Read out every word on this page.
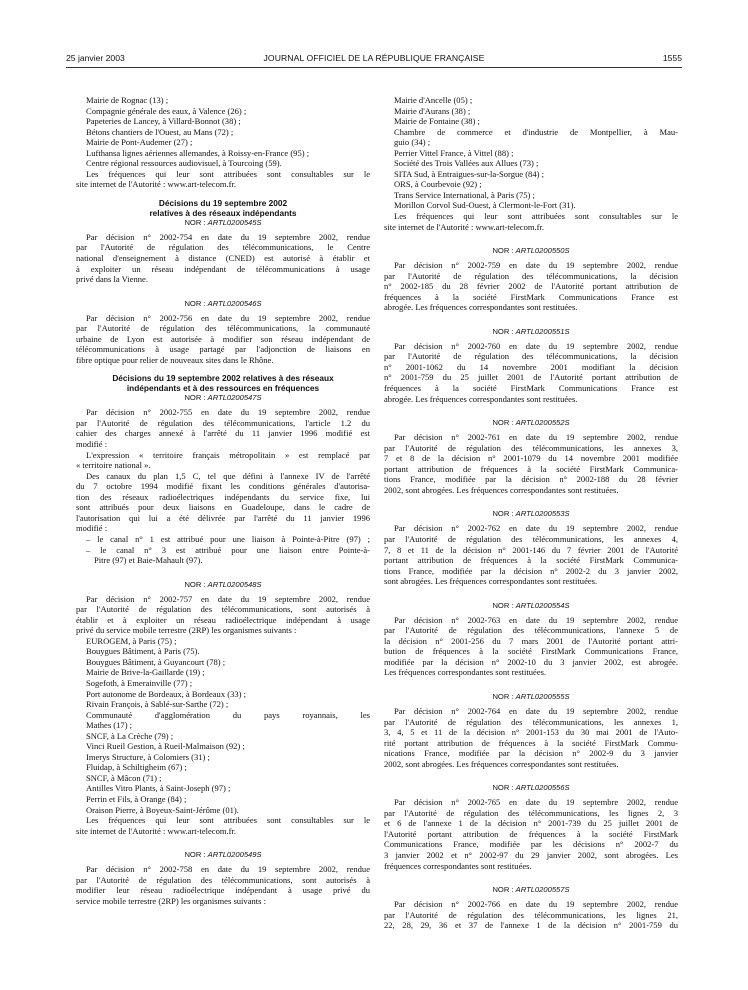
25 janvier 2003	JOURNAL OFFICIEL DE LA RÉPUBLIQUE FRANÇAISE	1555
Mairie de Rognac (13) ;
Compagnie générale des eaux, à Valence (26) ;
Papeteries de Lancey, à Villard-Bonnot (38) ;
Bétons chantiers de l'Ouest, au Mans (72) ;
Mairie de Pont-Audemer (27) ;
Lufthansa lignes aériennes allemandes, à Roissy-en-France (95) ;
Centre régional ressources audiovisuel, à Tourcoing (59).
Les fréquences qui leur sont attribuées sont consultables sur le
site internet de l'Autorité : www.art-telecom.fr.
Décisions du 19 septembre 2002
relatives à des réseaux indépendants
NOR : ARTL0200545S
Par décision n° 2002-754 en date du 19 septembre 2002, rendue
par l'Autorité de régulation des télécommunications, le Centre
national d'enseignement à distance (CNED) est autorisé à établir et
à exploiter un réseau indépendant de télécommunications à usage
privé dans la Vienne.
NOR : ARTL0200546S
Par décision n° 2002-756 en date du 19 septembre 2002, rendue
par l'Autorité de régulation des télécommunications, la communauté
urbaine de Lyon est autorisée à modifier son réseau indépendant de
télécommunications à usage partagé par l'adjonction de liaisons en
fibre optique pour relier de nouveaux sites dans le Rhône.
Décisions du 19 septembre 2002 relatives à des réseaux
indépendants et à des ressources en fréquences
NOR : ARTL0200547S
Par décision n° 2002-755 en date du 19 septembre 2002, rendue
par l'Autorité de régulation des télécommunications, l'article 1.2 du
cahier des charges annexé à l'arrêté du 11 janvier 1996 modifié est
modifié :
L'expression « territoire français métropolitain » est remplacé par
« territoire national ».
Des canaux du plan 1,5 C, tel que défini à l'annexe IV de l'arrêté
du 7 octobre 1994 modifié fixant les conditions générales d'autorisa-
tion des réseaux radioélectriques indépendants du service fixe, lui
sont attribués pour deux liaisons en Guadeloupe, dans le cadre de
l'autorisation qui lui a été délivrée par l'arrêté du 11 janvier 1996
modifié :
– le canal n° 1 est attribué pour une liaison à Pointe-à-Pitre (97) ;
– le canal n° 3 est attribué pour une liaison entre Pointe-à-
Pitre (97) et Baie-Mahault (97).
NOR : ARTL0200548S
Par décision n° 2002-757 en date du 19 septembre 2002, rendue
par l'Autorité de régulation des télécommunications, sont autorisés à
établir et à exploiter un réseau radioélectrique indépendant à usage
privé du service mobile terrestre (2RP) les organismes suivants :
EUROGEM, à Paris (75) ;
Bouygues Bâtiment, à Paris (75).
Bouygues Bâtiment, à Guyancourt (78) ;
Mairie de Brive-la-Gaillarde (19) ;
Sogefoth, à Emerainville (77) ;
Port autonome de Bordeaux, à Bordeaux (33) ;
Rivain François, à Sablé-sur-Sarthe (72) ;
Communauté d'agglomération du pays royannais, les
Mathes (17) ;
SNCF, à La Crèche (79) ;
Vinci Rueil Gestion, à Rueil-Malmaison (92) ;
Imerys Structure, à Colomiers (31) ;
Fluidap, à Schiltigheim (67) ;
SNCF, à Mâcon (71) ;
Antilles Vitro Plants, à Saint-Joseph (97) ;
Perrin et Fils, à Orange (84) ;
Oraison Pierre, à Boyeux-Saint-Jérôme (01).
Les fréquences qui leur sont attribuées sont consultables sur le
site internet de l'Autorité : www.art-telecom.fr.
NOR : ARTL0200549S
Par décision n° 2002-758 en date du 19 septembre 2002, rendue
par l'Autorité de régulation des télécommunications, sont autorisés à
modifier leur réseau radioélectrique indépendant à usage privé du
service mobile terrestre (2RP) les organismes suivants :
Mairie d'Ancelle (05) ;
Mairie d'Aurans (38) ;
Mairie de Fontaine (38) ;
Chambre de commerce et d'industrie de Montpellier, à Mau-
guio (34) ;
Perrier Vittel France, à Vittel (88) ;
Société des Trois Vallées aux Allues (73) ;
SITA Sud, à Entraigues-sur-la-Sorgue (84) ;
ORS, à Courbevoie (92) ;
Trans Service International, à Paris (75) ;
Morillon Corvol Sud-Ouest, à Clermont-le-Fort (31).
Les fréquences qui leur sont attribuées sont consultables sur le
site internet de l'Autorité : www.art-telecom.fr.
NOR : ARTL0200550S
Par décision n° 2002-759 en date du 19 septembre 2002, rendue
par l'Autorité de régulation des télécommunications, la décision
n° 2002-185 du 28 février 2002 de l'Autorité portant attribution de
fréquences à la société FirstMark Communications France est
abrogée. Les fréquences correspondantes sont restituées.
NOR : ARTL0200551S
Par décision n° 2002-760 en date du 19 septembre 2002, rendue
par l'Autorité de régulation des télécommunications, la décision
n° 2001-1062 du 14 novembre 2001 modifiant la décision
n° 2001-759 du 25 juillet 2001 de l'Autorité portant attribution de
fréquences à la société FirstMark Communications France est
abrogée. Les fréquences correspondantes sont restituées.
NOR : ARTL0200552S
Par décision n° 2002-761 en date du 19 septembre 2002, rendue
par l'Autorité de régulation des télécommunications, les annexes 3,
7 et 8 de la décision n° 2001-1079 du 14 novembre 2001 modifiée
portant attribution de fréquences à la société FirstMark Communica-
tions France, modifiée par la décision n° 2002-188 du 28 février
2002, sont abrogées. Les fréquences correspondantes sont restituées.
NOR : ARTL0200553S
Par décision n° 2002-762 en date du 19 septembre 2002, rendue
par l'Autorité de régulation des télécommunications, les annexes 4,
7, 8 et 11 de la décision n° 2001-146 du 7 février 2001 de l'Autorité
portant attribution de fréquences à la société FirstMark Communica-
tions France, modifiée par la décision n° 2002-2 du 3 janvier 2002,
sont abrogées. Les fréquences correspondantes sont restituées.
NOR : ARTL0200554S
Par décision n° 2002-763 en date du 19 septembre 2002, rendue
par l'Autorité de régulation des télécommunications, l'annexe 5 de
la décision n° 2001-256 du 7 mars 2001 de l'Autorité portant attri-
bution de fréquences à la société FirstMark Communications France,
modifiée par la décision n° 2002-10 du 3 janvier 2002, est abrogée.
Les fréquences correspondantes sont restituées.
NOR : ARTL0200555S
Par décision n° 2002-764 en date du 19 septembre 2002, rendue
par l'Autorité de régulation des télécommunications, les annexes 1,
3, 4, 5 et 11 de la décision n° 2001-153 du 30 mai 2001 de l'Auto-
rité portant attribution de fréquences à la société FirstMark Commu-
nications France, modifiée par la décision n° 2002-9 du 3 janvier
2002, sont abrogées. Les fréquences correspondantes sont restituées.
NOR : ARTL0200556S
Par décision n° 2002-765 en date du 19 septembre 2002, rendue
par l'Autorité de régulation des télécommunications, les lignes 2, 3
et 6 de l'annexe 1 de la décision n° 2001-739 du 25 juillet 2001 de
l'Autorité portant attribution de fréquences à la société FirstMark
Communications France, modifiée par les décisions n° 2002-7 du
3 janvier 2002 et n° 2002-97 du 29 janvier 2002, sont abrogées. Les
fréquences correspondantes sont restituées.
NOR : ARTL0200557S
Par décision n° 2002-766 en date du 19 septembre 2002, rendue
par l'Autorité de régulation des télécommunications, les lignes 21,
22, 28, 29, 36 et 37 de l'annexe 1 de la décision n° 2001-759 du
